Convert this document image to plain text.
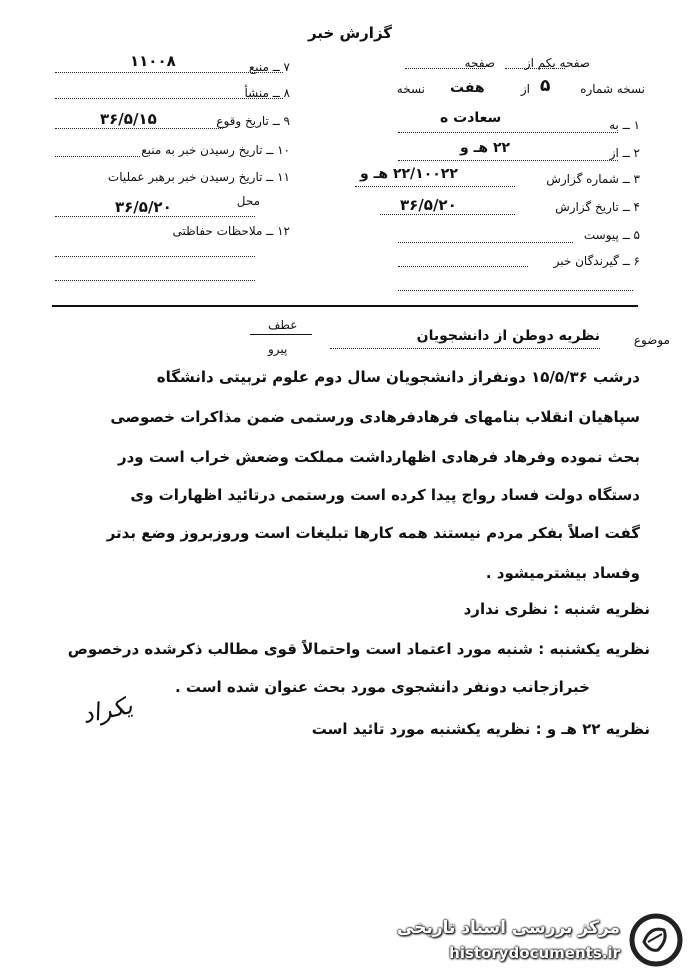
گزارش خبر
۷ ــ منبع
۱۱۰۰۸
۸ ــ منشأ
۹ ــ تاریخ وقوع
۳۶/۵/۱۵
۱۰ ــ تاریخ رسیدن خبر به منبع
۱۱ ــ تاریخ رسیدن خبر برهبر عملیات
محل
۳۶/۵/۲۰
۱۲ ــ ملاحظات حفاظتی
صفحه یکم از
صفحه
نسخه شماره
۵
از
هفت
نسخه
۱ ــ به
سعادت ه
۲ ــ از
۲۲ هـ و
۳ ــ شماره گزارش
۲۲/۱۰۰۲۲ هـ و
۴ ــ تاریخ گزارش
۳۶/۵/۲۰
۵ ــ پیوست
۶ ــ گیرندگان خبر
عطف
پیرو
موضوع
نظریه دوطن از دانشجویان
درشب ۱۵/۵/۳۶ دونفراز دانشجویان سال دوم علوم تربیتی دانشگاه
سپاهیان انقلاب بنامهای فرهادفرهادی ورستمی ضمن مذاکرات خصوصی
بحث نموده وفرهاد فرهادی اظهارداشت مملکت وضعش خراب است ودر
دستگاه دولت فساد رواج پیدا کرده است ورستمی درتائید اظهارات وی
گفت اصلاً بفکر مردم نیستند همه کارها تبلیغات است وروزبروز وضع بدتر
وفساد بیشترمیشود .
نظریه شنبه : نظری ندارد
نظریه یکشنبه : شنبه مورد اعتماد است واحتمالاً قوی مطالب ذکرشده درخصوص
خبرازجانب دونفر دانشجوی مورد بحث عنوان شده است .
نظریه ۲۲ هـ و : نظریه یکشنبه مورد تائید است
یکراد
مرکز بررسی اسناد تاریخی
historydocuments.ir
